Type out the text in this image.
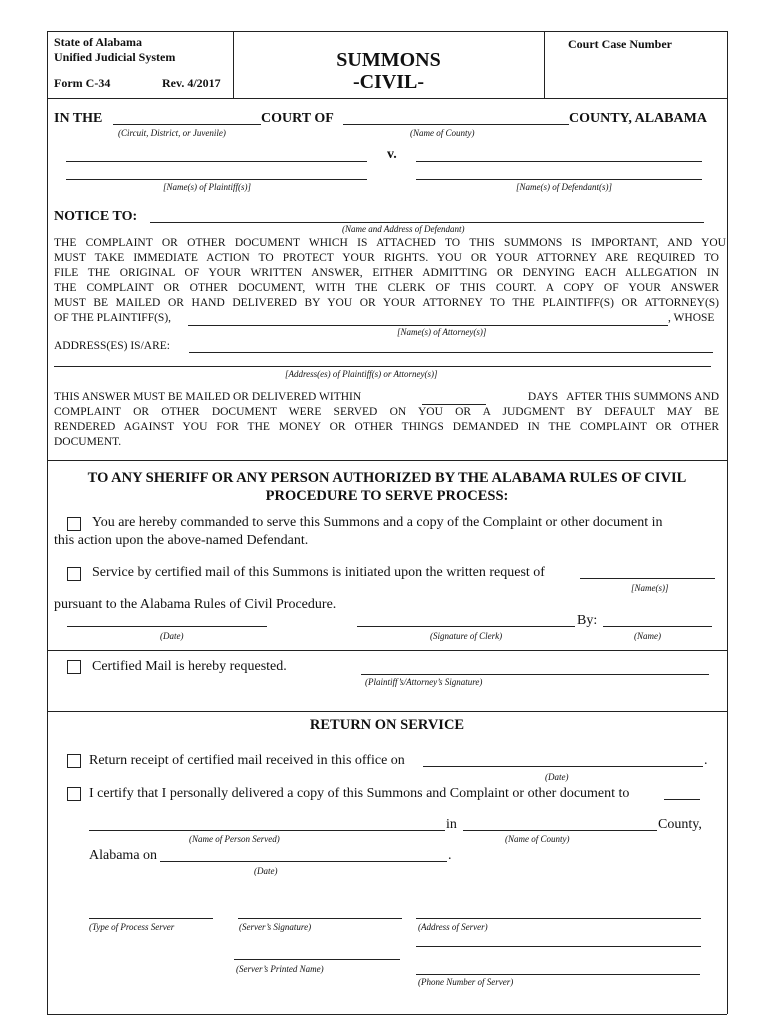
State of Alabama
Unified Judicial System
Form C-34	Rev. 4/2017
SUMMONS
-CIVIL-
Court Case Number
IN THE	COURT OF	COUNTY, ALABAMA
(Circuit, District, or Juvenile)	(Name of County)
v.
[Name(s) of Plaintiff(s)]	[Name(s) of Defendant(s)]
NOTICE TO:
(Name and Address of Defendant)
THE COMPLAINT OR OTHER DOCUMENT WHICH IS ATTACHED TO THIS SUMMONS IS IMPORTANT, AND YOU
MUST TAKE IMMEDIATE ACTION TO PROTECT YOUR RIGHTS. YOU OR YOUR ATTORNEY ARE REQUIRED TO
FILE THE ORIGINAL OF YOUR WRITTEN ANSWER, EITHER ADMITTING OR DENYING EACH ALLEGATION IN
THE COMPLAINT OR OTHER DOCUMENT, WITH THE CLERK OF THIS COURT. A COPY OF YOUR ANSWER
MUST BE MAILED OR HAND DELIVERED BY YOU OR YOUR ATTORNEY TO THE PLAINTIFF(S) OR ATTORNEY(S)
OF THE PLAINTIFF(S),	, WHOSE
[Name(s) of Attorney(s)]
ADDRESS(ES) IS/ARE:
[Address(es) of Plaintiff(s) or Attorney(s)]
THIS ANSWER MUST BE MAILED OR DELIVERED WITHIN	DAYS   AFTER THIS SUMMONS AND
COMPLAINT OR OTHER DOCUMENT WERE SERVED ON YOU OR A JUDGMENT BY DEFAULT MAY BE
RENDERED AGAINST YOU FOR THE MONEY OR OTHER THINGS DEMANDED IN THE COMPLAINT OR OTHER
DOCUMENT.
TO ANY SHERIFF OR ANY PERSON AUTHORIZED BY THE ALABAMA RULES OF CIVIL
PROCEDURE TO SERVE PROCESS:
You are hereby commanded to serve this Summons and a copy of the Complaint or other document in
this action upon the above-named Defendant.
Service by certified mail of this Summons is initiated upon the written request of
[Name(s)]
pursuant to the Alabama Rules of Civil Procedure.
By:
(Date)	(Signature of Clerk)	(Name)
Certified Mail is hereby requested.
(Plaintiff’s/Attorney’s Signature)
RETURN ON SERVICE
Return receipt of certified mail received in this office on	.
(Date)
I certify that I personally delivered a copy of this Summons and Complaint or other document to
in	County,
(Name of Person Served)	(Name of County)
Alabama on	.
(Date)
(Type of Process Server	(Server’s Signature)	(Address of Server)
(Server’s Printed Name)
(Phone Number of Server)
